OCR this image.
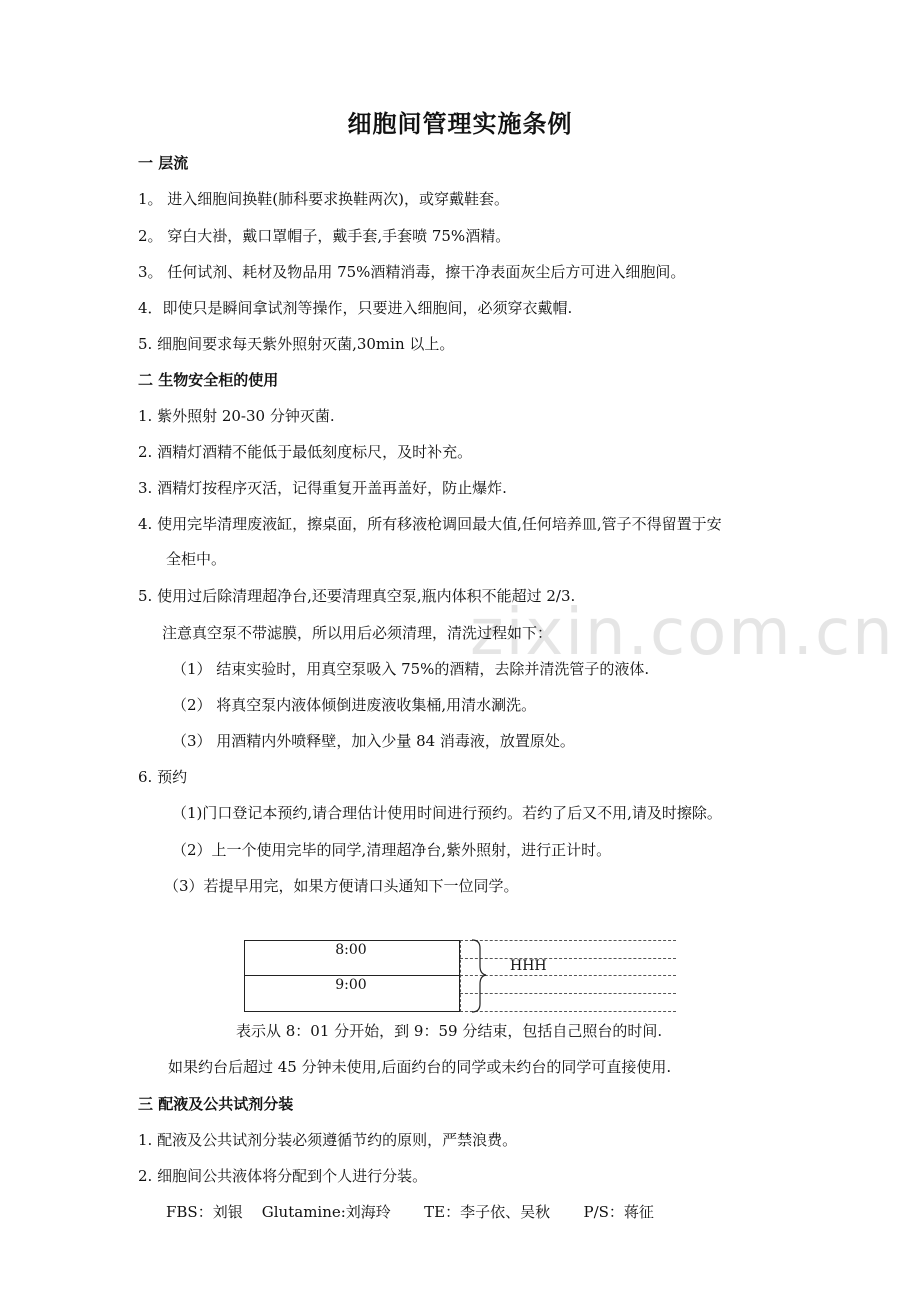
zixin.com.cn
细胞间管理实施条例
一 层流
1。 进入细胞间换鞋(肺科要求换鞋两次)，或穿戴鞋套。
2。 穿白大褂，戴口罩帽子，戴手套,手套喷 75%酒精。
3。 任何试剂、耗材及物品用 75%酒精消毒，擦干净表面灰尘后方可进入细胞间。
4．即使只是瞬间拿试剂等操作，只要进入细胞间，必须穿衣戴帽.
5. 细胞间要求每天紫外照射灭菌,30min 以上。
二 生物安全柜的使用
1. 紫外照射 20-30 分钟灭菌.
2. 酒精灯酒精不能低于最低刻度标尺，及时补充。
3. 酒精灯按程序灭活，记得重复开盖再盖好，防止爆炸.
4. 使用完毕清理废液缸，擦桌面，所有移液枪调回最大值,任何培养皿,管子不得留置于安
全柜中。
5. 使用过后除清理超净台,还要清理真空泵,瓶内体积不能超过 2/3.
注意真空泵不带滤膜，所以用后必须清理，清洗过程如下：
（1） 结束实验时，用真空泵吸入 75%的酒精，去除并清洗管子的液体.
（2） 将真空泵内液体倾倒进废液收集桶,用清水涮洗。
（3） 用酒精内外喷释壁，加入少量 84 消毒液，放置原处。
6. 预约
（1)门口登记本预约,请合理估计使用时间进行预约。若约了后又不用,请及时擦除。
（2）上一个使用完毕的同学,清理超净台,紫外照射，进行正计时。
（3）若提早用完，如果方便请口头通知下一位同学。
8:00
9:00
HHH
表示从 8：01 分开始，到 9：59 分结束，包括自己照台的时间.
如果约台后超过 45 分钟未使用,后面约台的同学或未约台的同学可直接使用.
三 配液及公共试剂分装
1. 配液及公共试剂分装必须遵循节约的原则，严禁浪费。
2. 细胞间公共液体将分配到个人进行分装。
FBS：刘银    Glutamine:刘海玲       TE：李子依、吴秋       P/S：蒋征
